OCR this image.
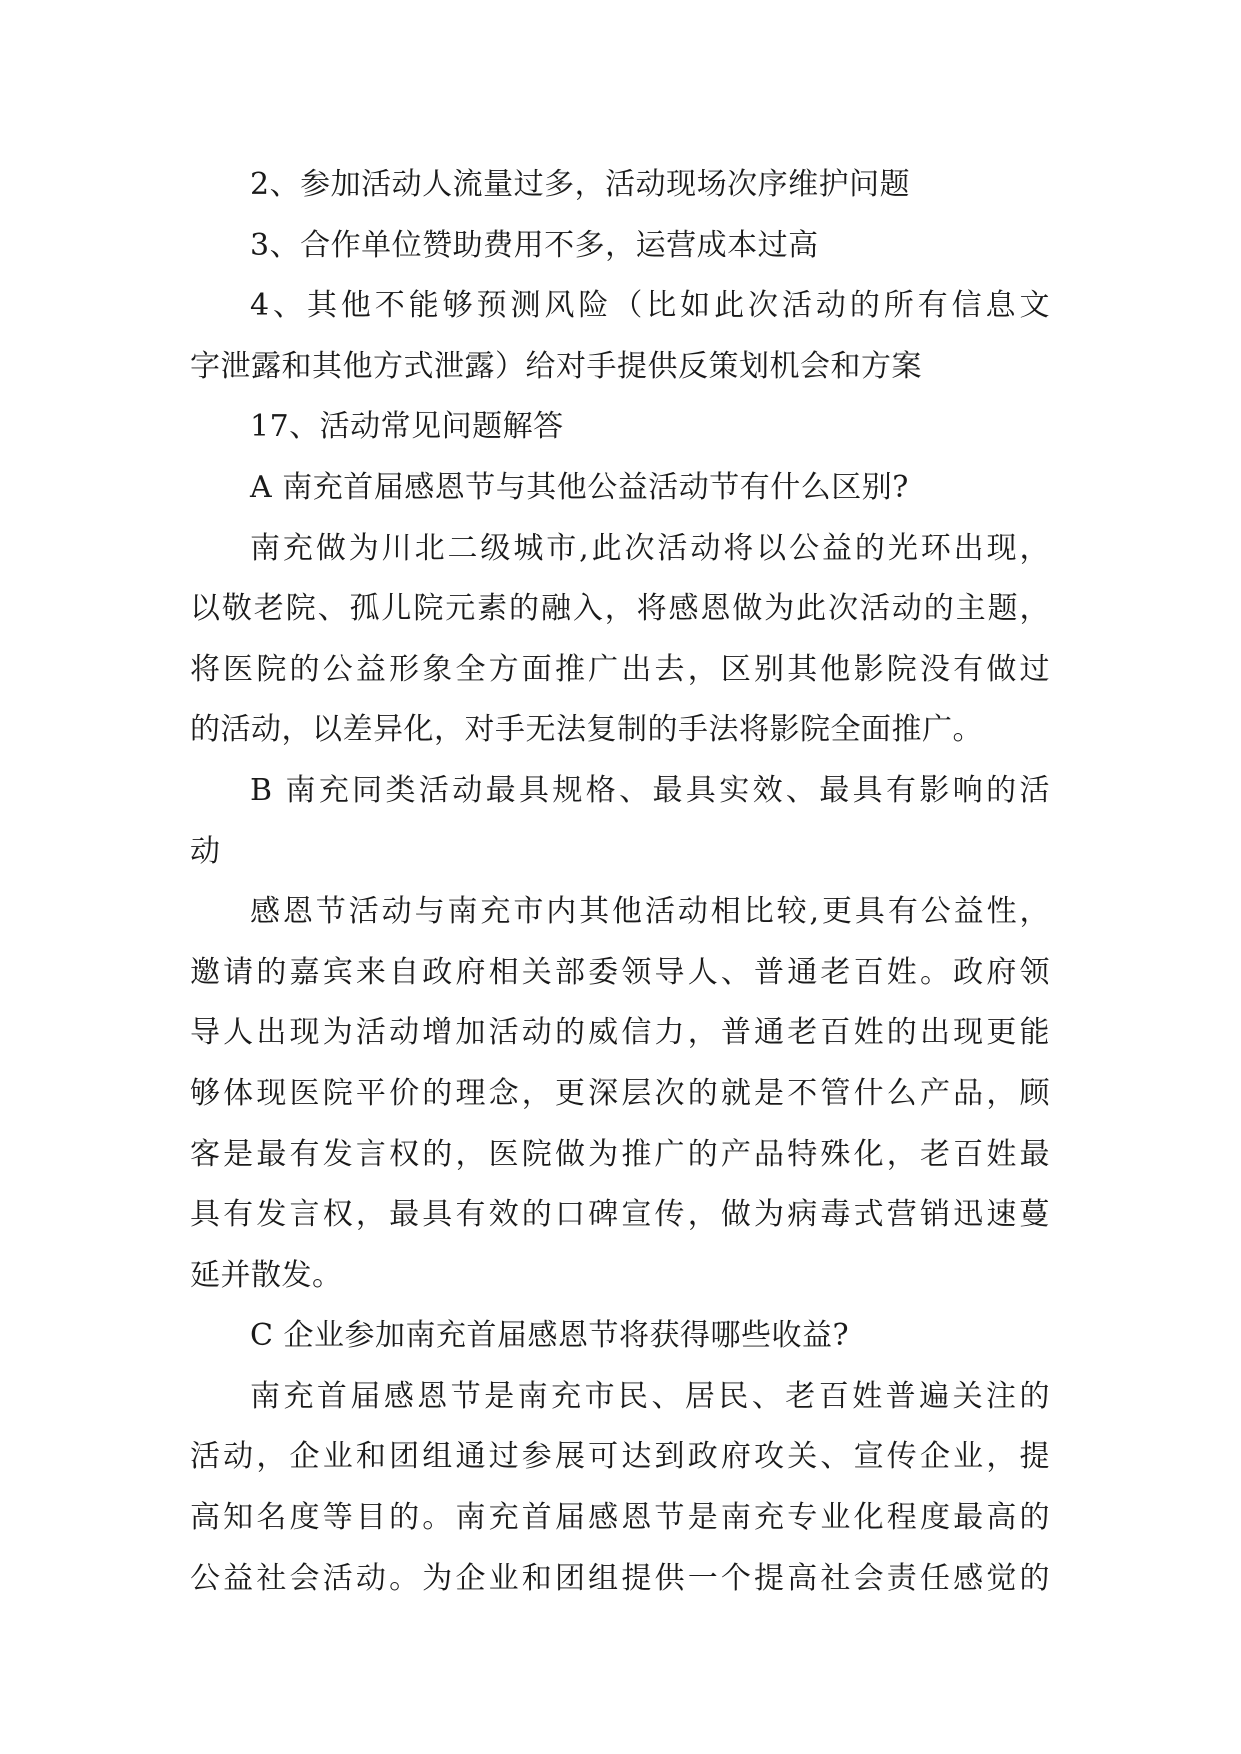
2、参加活动人流量过多，活动现场次序维护问题
3、合作单位赞助费用不多，运营成本过高
4、其他不能够预测风险（比如此次活动的所有信息文
字泄露和其他方式泄露）给对手提供反策划机会和方案
17、活动常见问题解答
A 南充首届感恩节与其他公益活动节有什么区别?
南充做为川北二级城市,此次活动将以公益的光环出现，
以敬老院、孤儿院元素的融入，将感恩做为此次活动的主题，
将医院的公益形象全方面推广出去，区别其他影院没有做过
的活动，以差异化，对手无法复制的手法将影院全面推广。
B 南充同类活动最具规格、最具实效、最具有影响的活
动
感恩节活动与南充市内其他活动相比较,更具有公益性，
邀请的嘉宾来自政府相关部委领导人、普通老百姓。政府领
导人出现为活动增加活动的威信力，普通老百姓的出现更能
够体现医院平价的理念，更深层次的就是不管什么产品，顾
客是最有发言权的，医院做为推广的产品特殊化，老百姓最
具有发言权，最具有效的口碑宣传，做为病毒式营销迅速蔓
延并散发。
C 企业参加南充首届感恩节将获得哪些收益?
南充首届感恩节是南充市民、居民、老百姓普遍关注的
活动，企业和团组通过参展可达到政府攻关、宣传企业，提
高知名度等目的。南充首届感恩节是南充专业化程度最高的
公益社会活动。为企业和团组提供一个提高社会责任感觉的
